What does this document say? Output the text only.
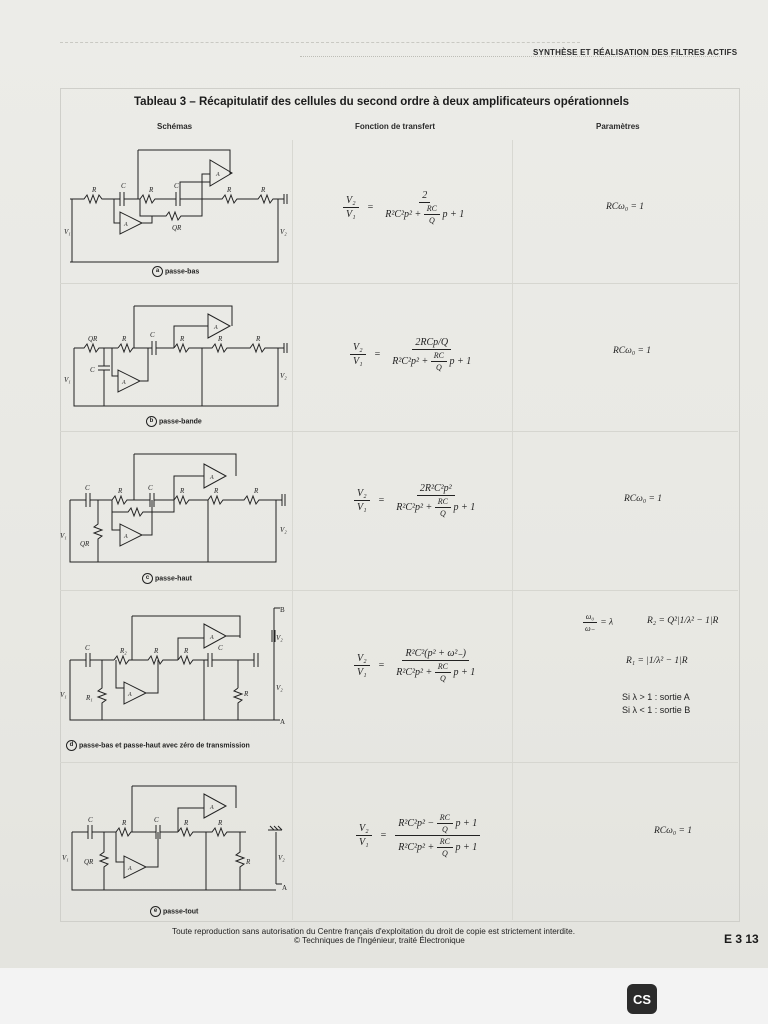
SYNTHÈSE ET RÉALISATION DES FILTRES ACTIFS
Tableau 3 – Récapitulatif des cellules du second ordre à deux amplificateurs opérationnels
Schémas	Fonction de transfert	Paramètres
R	C	R	C	R	R
QR
V₁	V₂
A
A
a passe-bas
$\frac{\text{V₂}}{\text{V₁}} = \frac{2}{R^2C^2p^2 + \frac{RC}{Q} p + 1}$	RCω₀ = 1
QR	R	C	R	R	R
C
V₁	V₂
A
A
b passe-bande
$\frac{\text{V₂}}{\text{V₁}} = \frac{\text{2RCp/Q}}{R^2C^2p^2 + \frac{RC}{Q} p + 1}$	RCω₀ = 1
C	R	C	R	R	R
QR
V₁
V₂
A
A
c passe-haut
$\frac{\text{V₂}}{\text{V₁}} = \frac{\text{2R²C²p²}}{R^2C^2p^2 + \frac{RC}{Q} p + 1}$	RCω₀ = 1
C	R₂	R	R	C
R
R₁
V₁
V₂
V₂
A
B
A
A
d passe-bas et passe-haut avec zéro de transmission
$\frac{\text{V₂}}{\text{V₁}} = \frac{\text{R²C²(p² + ω²₋)}}{R^2C^2p^2 + \frac{RC}{Q} p + 1}$
$\frac{\text{ω₀}}{\omega_-} = \lambda$	R₂ = Q²|1/λ² − 1|R
R₁ = |1/λ² − 1|R
Si λ > 1 : sortie A
Si λ < 1 : sortie B
C	R	C	R	R
R
QR
V₁	V₂
A
A
A
e passe-tout
$\frac{\text{V₂}}{\text{V₁}} = \frac{R^2C^2p^2 - \frac{RC}{Q} p + 1}{R^2C^2p^2 + \frac{RC}{Q} p + 1}$	RCω₀ = 1
Toute reproduction sans autorisation du Centre français d'exploitation du droit de copie est strictement interdite.
© Techniques de l'Ingénieur, traité Électronique	E 3 13
CS
